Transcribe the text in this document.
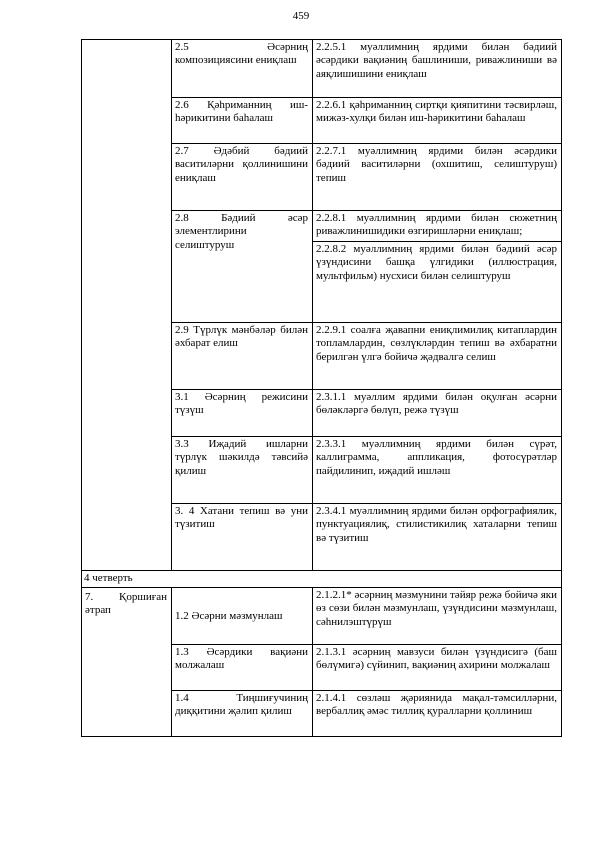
459

	2.5 Әсәрниң композициясини ениқлаш	2.2.5.1 муәллимниң ярдими билән бәдиий әсәрдики вақиәниң башлиниши, риважлиниши вә аяқлишишини ениқлаш

	2.6 Қәһриманниң иш-һәрикитини баһалаш	2.2.6.1 қәһриманниң сиртқи қияпитини тәсвирләш, мижәз-хулқи билән иш-һәрикитини баһалаш

	2.7 Әдәбий бәдиий васитиләрни қоллинишини ениқлаш	2.2.7.1 муәллимниң ярдими билән әсәрдики бәдиий васитиләрни (охшитиш, селиштуруш) тепиш

	2.8 Бәдиий әсәр элементлирини селиштуруш	2.2.8.1 муәллимниң ярдими билән сюжетниң риважлинишидики өзгиришләрни ениқлаш;
2.2.8.2 муәллимниң ярдими билән бәдиий әсәр үзүндисини башқа үлгидики (иллюстрация, мультфильм) нусхиси билән селиштуруш

	2.9 Түрлүк мәнбәләр билән әхбарат елиш	2.2.9.1 соалға җавапни ениқлимилиқ китаплардин топламлардин, сөзлүкләрдин тепиш вә әхбаратни берилгән үлгә бойичә җәдвалгә селиш

	3.1 Әсәрниң режисини түзүш	2.3.1.1 муәллим ярдими билән оқулған әсәрни бөләкләргә бөлүп, режә түзүш

	3.3 Иҗадий ишларни түрлүк шәкилдә тәвсийә қилиш	2.3.3.1 муәллимниң ярдими билән сүрәт, каллиграмма, аппликация, фотосүрәтләр пайдилинип, иҗадий ишләш

	3. 4 Хатани тепиш вә уни түзитиш	2.3.4.1 муәллимниң ярдими билән орфографиялик, пунктуациялиқ, стилистикилиқ хаталарни тепиш вә түзитиш

4 четверть		

7. Қоршиған әтрап	1.2 Әсәрни мәзмунлаш	2.1.2.1* әсәрниң мәзмунини тәйяр режә бойичә яки өз сөзи билән мәзмунлаш, үзүндисини мәзмунлаш, сәһнилэштүрүш

	1.3 Әсәрдики вақиәни молжалаш	2.1.3.1 әсәрниң мавзуси билән үзүндисигә (баш бөлүмигә) сүйинип, вақиәниң ахирини молжалаш

	1.4 Тиңшиғучиниң диққитини җәлип қилиш	2.1.4.1 сөзләш җәриянида мақал-тәмсилләрни, вербаллиқ әмәс тиллиқ қуралларни қоллиниш
